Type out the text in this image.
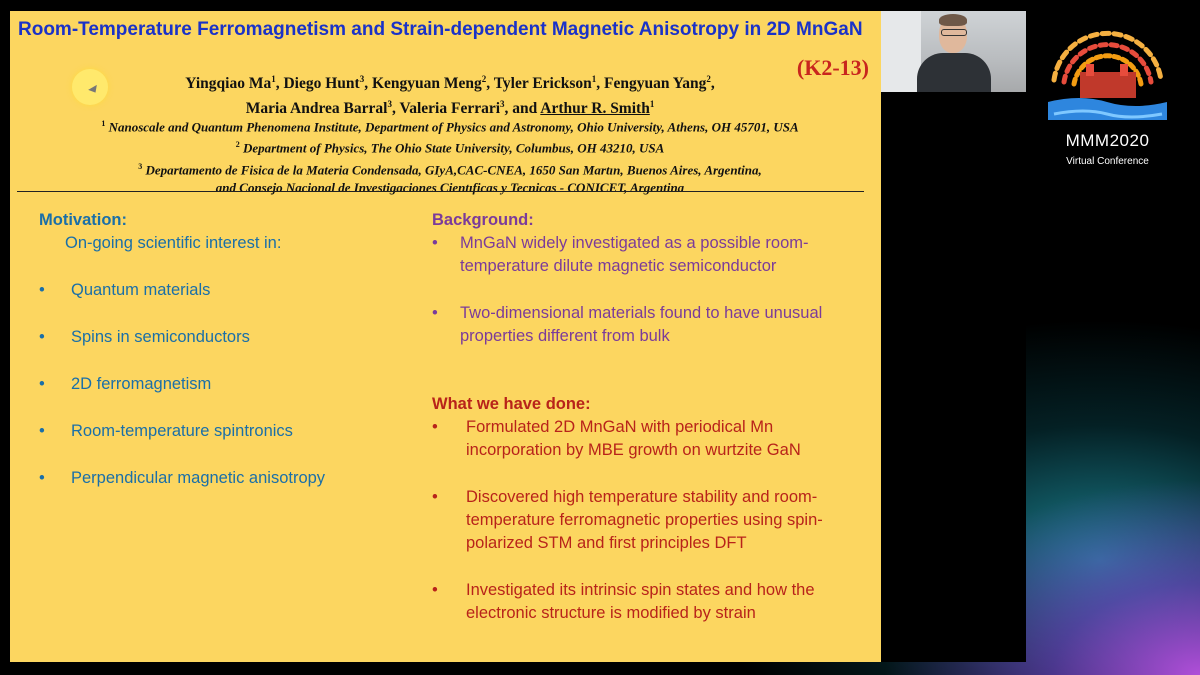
Room-Temperature Ferromagnetism and Strain-dependent Magnetic Anisotropy in 2D MnGaN
(K2-13)
Yingqiao Ma$^1$, Diego Hunt$^3$, Kengyuan Meng$^2$, Tyler Erickson$^1$, Fengyuan Yang$^2$,
Maria Andrea Barral$^3$, Valeria Ferrari$^3$, and Arthur R. Smith$^1$
$^1$ Nanoscale and Quantum Phenomena Institute, Department of Physics and Astronomy, Ohio University, Athens, OH 45701, USA
$^2$ Department of Physics, The Ohio State University, Columbus, OH 43210, USA
$^3$ Departamento de Fisica de la Materia Condensada, GIyA,CAC-CNEA, 1650 San Martın, Buenos Aires, Argentina,
and Consejo Nacional de Investigaciones Cientıficas y Tecnicas - CONICET, Argentina
Motivation:
On-going scientific interest in:
• Quantum materials
• Spins in semiconductors
• 2D ferromagnetism
• Room-temperature spintronics
• Perpendicular magnetic anisotropy
Background:
• MnGaN widely investigated as a possible room-temperature dilute magnetic semiconductor
• Two-dimensional materials found to have unusual properties different from bulk
What we have done:
• Formulated 2D MnGaN with periodical Mn incorporation by MBE growth on wurtzite GaN
• Discovered high temperature stability and room-temperature ferromagnetic properties using spin-polarized STM and first principles DFT
• Investigated its intrinsic spin states and how the electronic structure is modified by strain
MMM2020
Virtual Conference
